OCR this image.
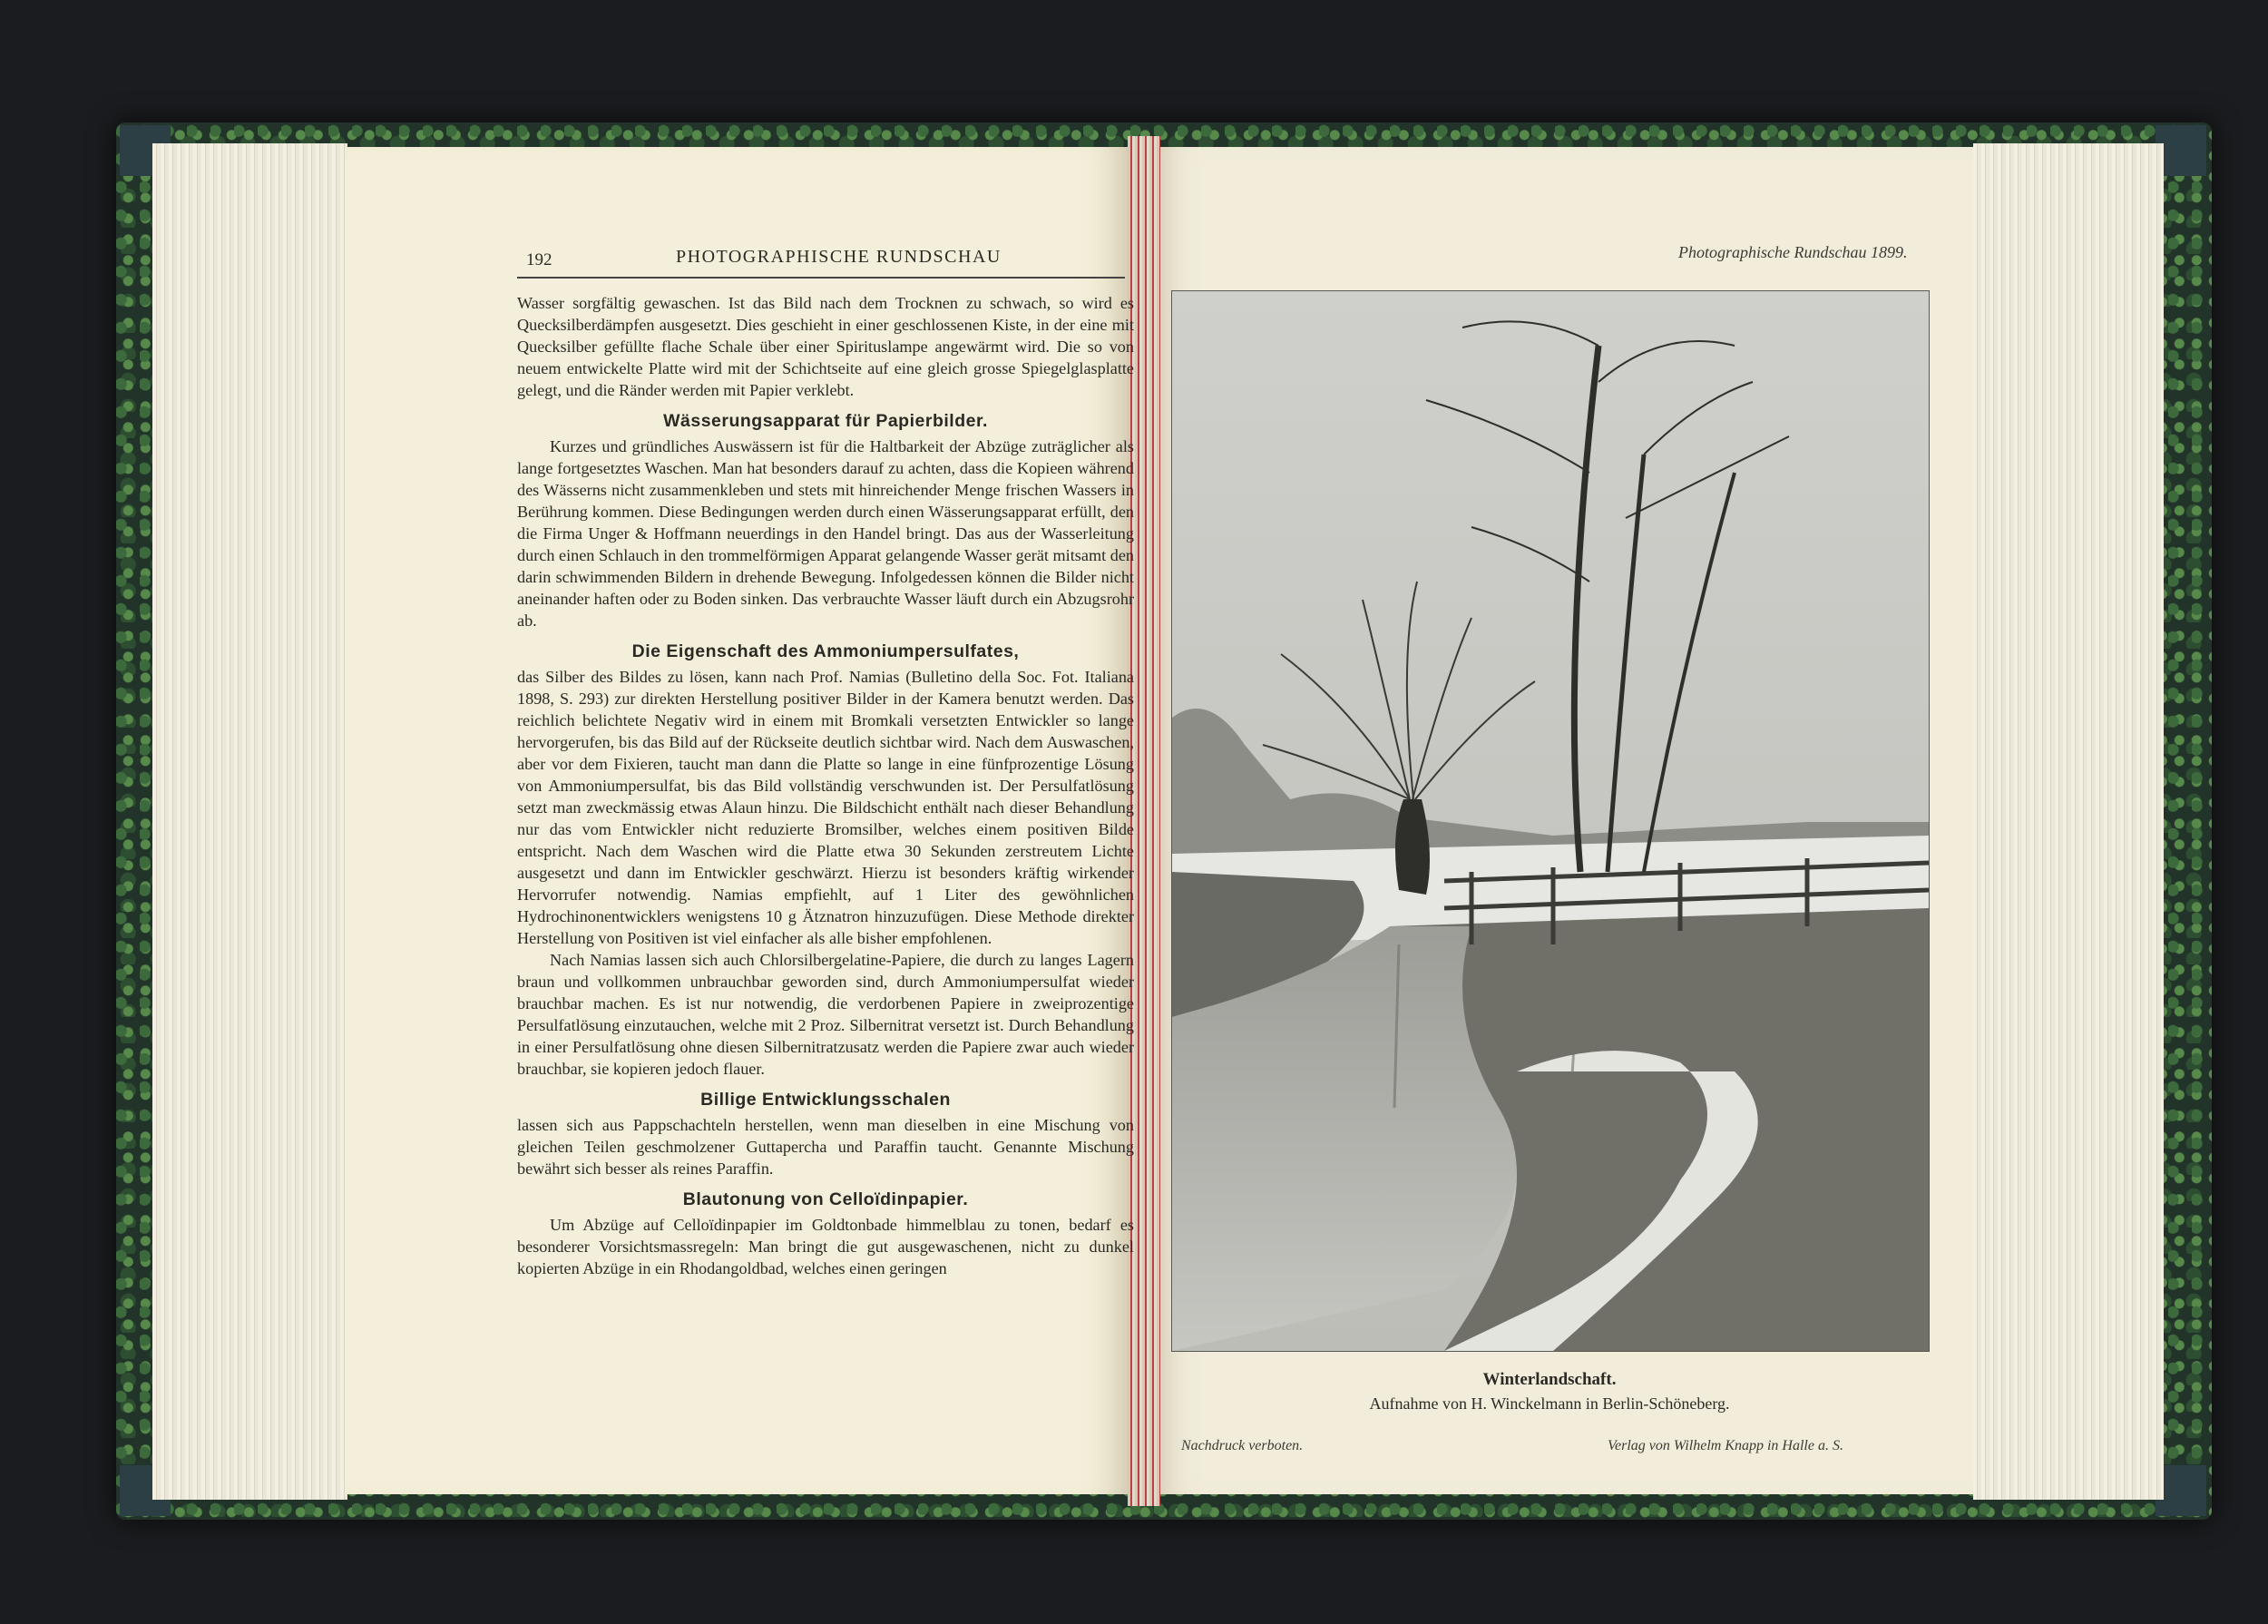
192	PHOTOGRAPHISCHE RUNDSCHAU

Wasser sorgfältig gewaschen. Ist das Bild nach dem Trocknen zu schwach, so wird es Quecksilberdämpfen ausgesetzt. Dies geschieht in einer geschlossenen Kiste, in der eine mit Quecksilber gefüllte flache Schale über einer Spirituslampe angewärmt wird. Die so von neuem entwickelte Platte wird mit der Schichtseite auf eine gleich grosse Spiegelglasplatte gelegt, und die Ränder werden mit Papier verklebt.

Wässerungsapparat für Papierbilder.

Kurzes und gründliches Auswässern ist für die Haltbarkeit der Abzüge zuträglicher als lange fortgesetztes Waschen. Man hat besonders darauf zu achten, dass die Kopieen während des Wässerns nicht zusammenkleben und stets mit hinreichender Menge frischen Wassers in Berührung kommen. Diese Bedingungen werden durch einen Wässerungsapparat erfüllt, den die Firma Unger & Hoffmann neuerdings in den Handel bringt. Das aus der Wasserleitung durch einen Schlauch in den trommelförmigen Apparat gelangende Wasser gerät mitsamt den darin schwimmenden Bildern in drehende Bewegung. Infolgedessen können die Bilder nicht aneinander haften oder zu Boden sinken. Das verbrauchte Wasser läuft durch ein Abzugsrohr ab.

Die Eigenschaft des Ammoniumpersulfates,

das Silber des Bildes zu lösen, kann nach Prof. Namias (Bulletino della Soc. Fot. Italiana 1898, S. 293) zur direkten Herstellung positiver Bilder in der Kamera benutzt werden. Das reichlich belichtete Negativ wird in einem mit Bromkali versetzten Entwickler so lange hervorgerufen, bis das Bild auf der Rückseite deutlich sichtbar wird. Nach dem Auswaschen, aber vor dem Fixieren, taucht man dann die Platte so lange in eine fünfprozentige Lösung von Ammoniumpersulfat, bis das Bild vollständig verschwunden ist. Der Persulfatlösung setzt man zweckmässig etwas Alaun hinzu. Die Bildschicht enthält nach dieser Behandlung nur das vom Entwickler nicht reduzierte Bromsilber, welches einem positiven Bilde entspricht. Nach dem Waschen wird die Platte etwa 30 Sekunden zerstreutem Lichte ausgesetzt und dann im Entwickler geschwärzt. Hierzu ist besonders kräftig wirkender Hervorrufer notwendig. Namias empfiehlt, auf 1 Liter des gewöhnlichen Hydrochinonentwicklers wenigstens 10 g Ätznatron hinzuzufügen. Diese Methode direkter Herstellung von Positiven ist viel einfacher als alle bisher empfohlenen.

Nach Namias lassen sich auch Chlorsilbergelatine-Papiere, die durch zu langes Lagern braun und vollkommen unbrauchbar geworden sind, durch Ammoniumpersulfat wieder brauchbar machen. Es ist nur notwendig, die verdorbenen Papiere in zweiprozentige Persulfatlösung einzutauchen, welche mit 2 Proz. Silbernitrat versetzt ist. Durch Behandlung in einer Persulfatlösung ohne diesen Silbernitratzusatz werden die Papiere zwar auch wieder brauchbar, sie kopieren jedoch flauer.

Billige Entwicklungsschalen

lassen sich aus Pappschachteln herstellen, wenn man dieselben in eine Mischung von gleichen Teilen geschmolzener Guttapercha und Paraffin taucht. Genannte Mischung bewährt sich besser als reines Paraffin.

Blautonung von Celloïdinpapier.

Um Abzüge auf Celloïdinpapier im Goldtonbade himmelblau zu tonen, bedarf es besonderer Vorsichtsmassregeln: Man bringt die gut ausgewaschenen, nicht zu dunkel kopierten Abzüge in ein Rhodangoldbad, welches einen geringen

Photographische Rundschau 1899.
Winterlandschaft.
Aufnahme von H. Winckelmann in Berlin-Schöneberg.
Nachdruck verboten.	Verlag von Wilhelm Knapp in Halle a. S.
